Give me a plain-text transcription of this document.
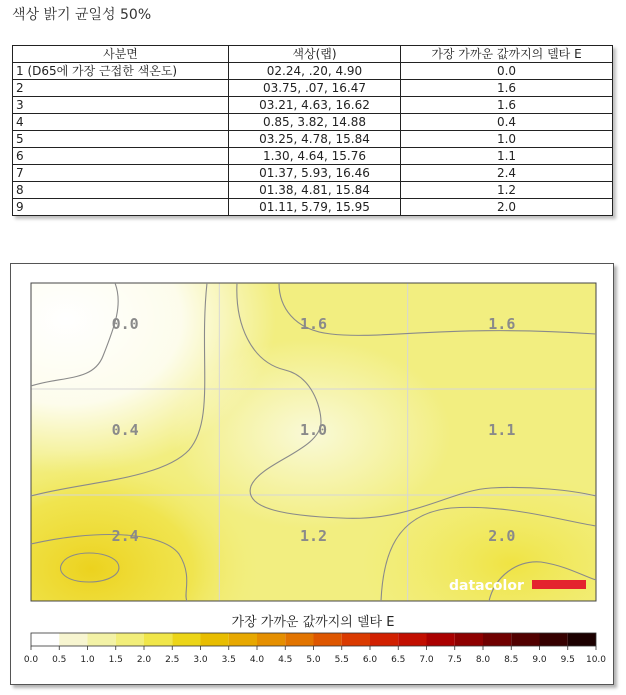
색상 밝기 균일성 50%
사분면	색상(랩)	가장 가까운 값까지의 델타 E
1 (D65에 가장 근접한 색온도)	02.24, .20, 4.90	0.0
2	03.75, .07, 16.47	1.6
3	03.21, 4.63, 16.62	1.6
4	0.85, 3.82, 14.88	0.4
5	03.25, 4.78, 15.84	1.0
6	1.30, 4.64, 15.76	1.1
7	01.37, 5.93, 16.46	2.4
8	01.38, 4.81, 15.84	1.2
9	01.11, 5.79, 15.95	2.0
0.0	1.6	1.6
0.4	1.0	1.1
2.4	1.2	2.0
datacolor
가장 가까운 값까지의 델타 E
0.0 0.5 1.0 1.5 2.0 2.5 3.0 3.5 4.0 4.5 5.0 5.5 6.0 6.5 7.0 7.5 8.0 8.5 9.0 9.5 10.0
